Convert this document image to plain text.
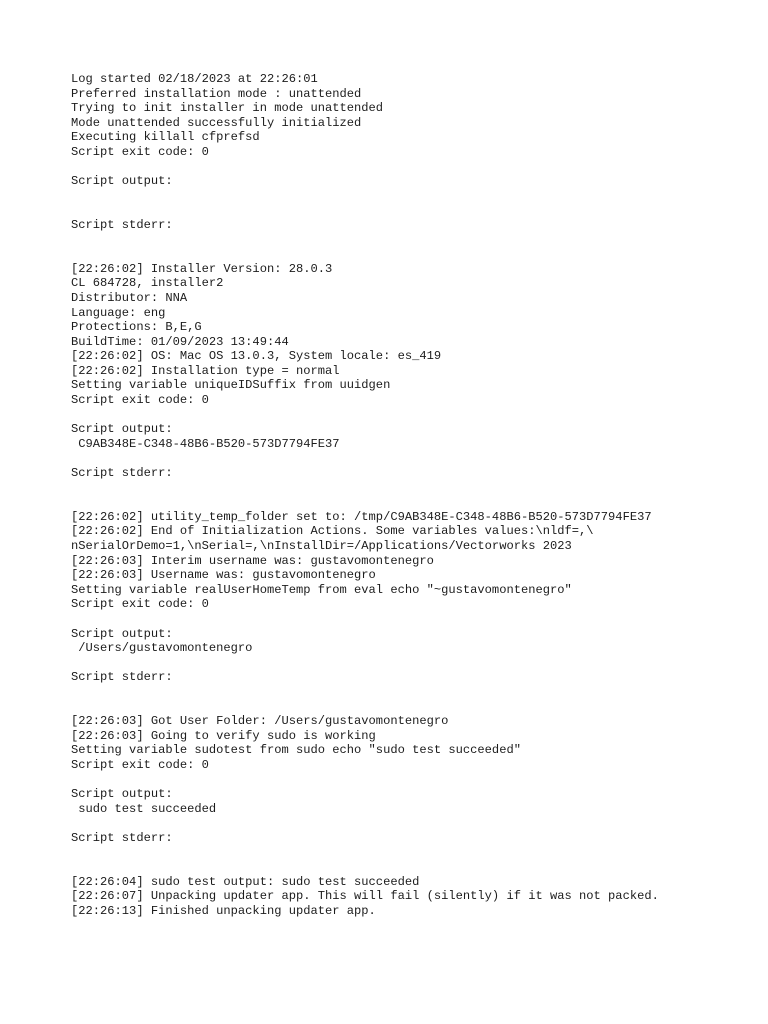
Log started 02/18/2023 at 22:26:01
Preferred installation mode : unattended
Trying to init installer in mode unattended
Mode unattended successfully initialized
Executing killall cfprefsd
Script exit code: 0
Script output:
Script stderr:
[22:26:02] Installer Version: 28.0.3
CL 684728, installer2
Distributor: NNA
Language: eng
Protections: B,E,G
BuildTime: 01/09/2023 13:49:44
[22:26:02] OS: Mac OS 13.0.3, System locale: es_419
[22:26:02] Installation type = normal
Setting variable uniqueIDSuffix from uuidgen
Script exit code: 0
Script output:
C9AB348E-C348-48B6-B520-573D7794FE37
Script stderr:
[22:26:02] utility_temp_folder set to: /tmp/C9AB348E-C348-48B6-B520-573D7794FE37
[22:26:02] End of Initialization Actions. Some variables values:\nldf=,\
nSerialOrDemo=1,\nSerial=,\nInstallDir=/Applications/Vectorworks 2023
[22:26:03] Interim username was: gustavomontenegro
[22:26:03] Username was: gustavomontenegro
Setting variable realUserHomeTemp from eval echo "~gustavomontenegro"
Script exit code: 0
Script output:
/Users/gustavomontenegro
Script stderr:
[22:26:03] Got User Folder: /Users/gustavomontenegro
[22:26:03] Going to verify sudo is working
Setting variable sudotest from sudo echo "sudo test succeeded"
Script exit code: 0
Script output:
sudo test succeeded
Script stderr:
[22:26:04] sudo test output: sudo test succeeded
[22:26:07] Unpacking updater app. This will fail (silently) if it was not packed.
[22:26:13] Finished unpacking updater app.
